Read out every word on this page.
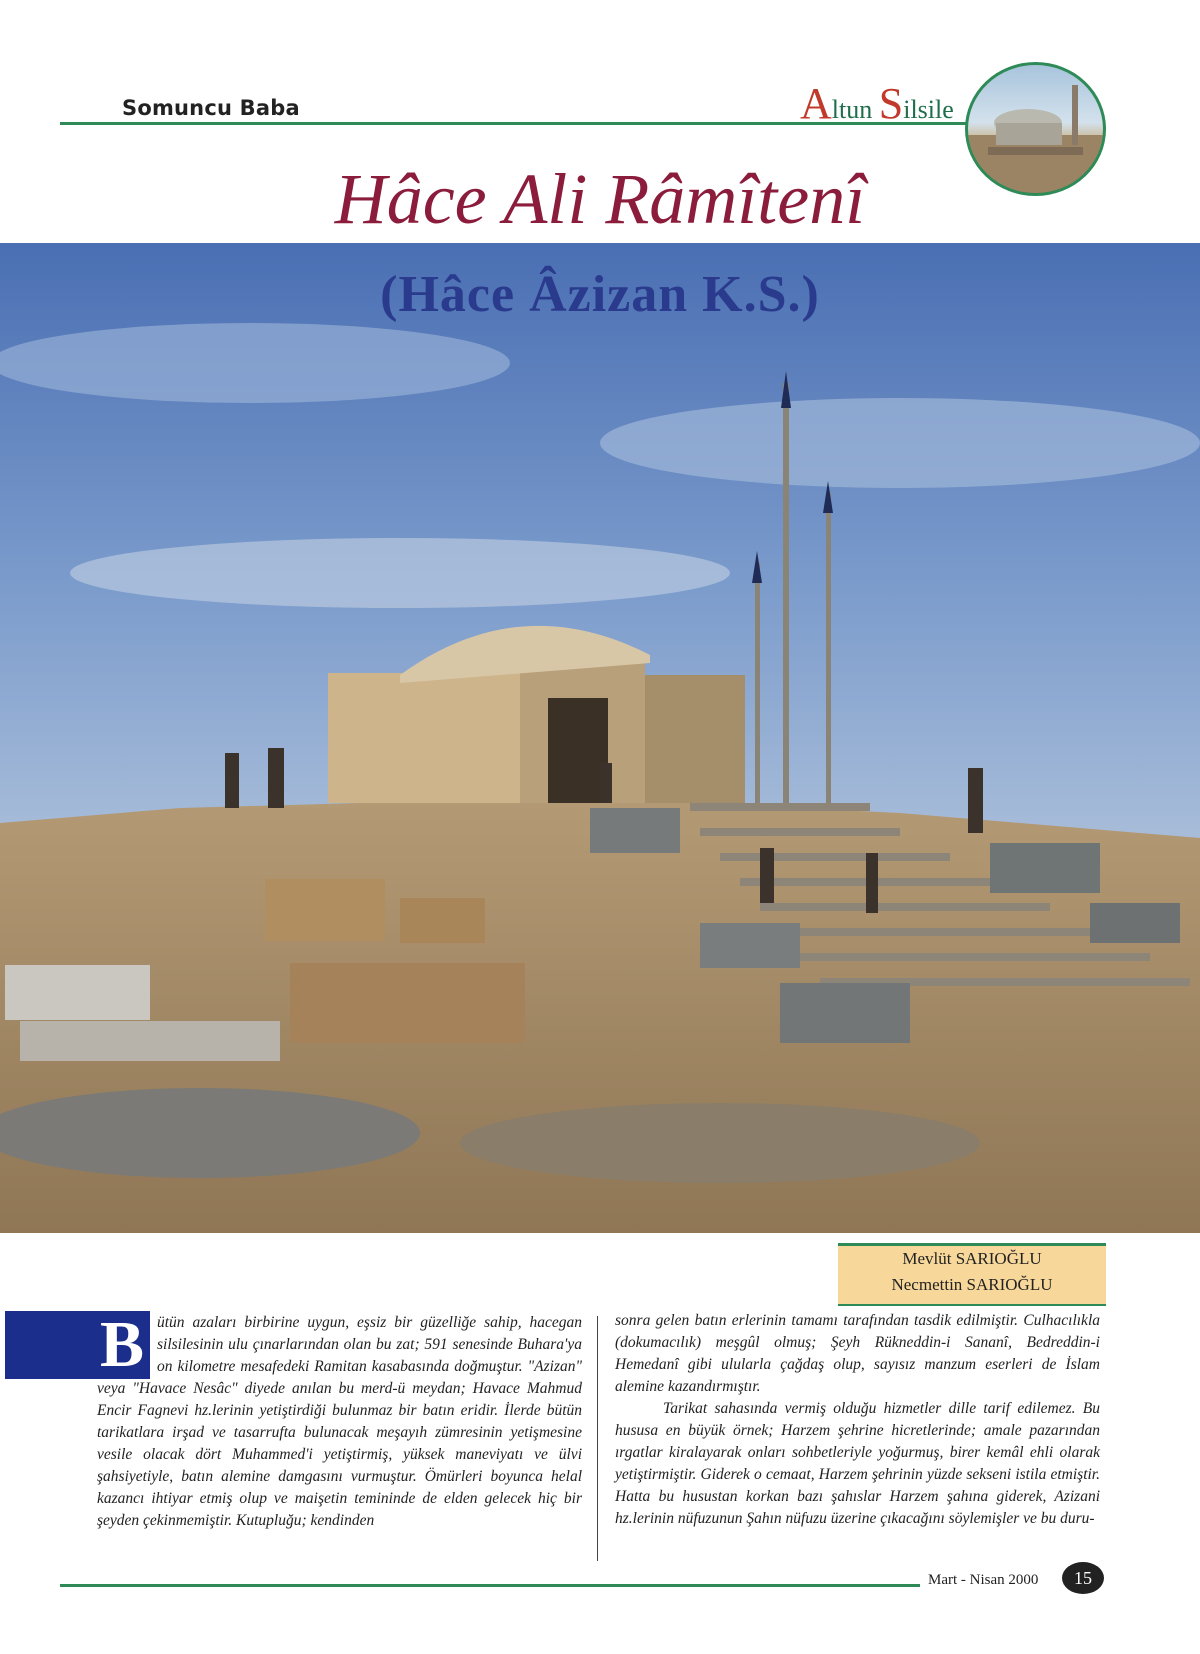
Somuncu Baba	Altun Silsile
Hâce Ali Râmîtenî
(Hâce Âzizan K.S.)
Mevlüt SARIOĞLU
Necmettin SARIOĞLU
B ütün azaları birbirine uygun, eşsiz bir güzelliğe sahip, hacegan silsilesinin ulu çınarlarından olan bu zat; 591 senesinde Buhara'ya on kilometre mesafedeki Ramitan kasabasında doğmuştur. "Azizan" veya "Havace Nesâc" diyede anılan bu merd-ü meydan; Havace Mahmud Encir Fagnevi hz.lerinin yetiştirdiği bulunmaz bir batın eridir. İlerde bütün tarikatlara irşad ve tasarrufta bulunacak meşayıh zümresinin yetişmesine vesile olacak dört Muhammed'i yetiştirmiş, yüksek maneviyatı ve ülvi şahsiyetiyle, batın alemine damgasını vurmuştur. Ömürleri boyunca helal kazancı ihtiyar etmiş olup ve maişetin temininde de elden gelecek hiç bir şeyden çekinmemiştir. Kutupluğu; kendinden

sonra gelen batın erlerinin tamamı tarafından tasdik edilmiştir. Culhacılıkla (dokumacılık) meşgûl olmuş; Şeyh Rükneddin-i Sananî, Bedreddin-i Hemedanî gibi ulularla çağdaş olup, sayısız manzum eserleri de İslam alemine kazandırmıştır.

Tarikat sahasında vermiş olduğu hizmetler dille tarif edilemez. Bu hususa en büyük örnek; Harzem şehrine hicretlerinde; amale pazarından ırgatlar kiralayarak onları sohbetleriyle yoğurmuş, birer kemâl ehli olarak yetiştirmiştir. Giderek o cemaat, Harzem şehrinin yüzde sekseni istila etmiştir. Hatta bu husustan korkan bazı şahıslar Harzem şahına giderek, Azizani hz.lerinin nüfuzunun Şahın nüfuzu üzerine çıkacağını söylemişler ve bu duru-

Mart - Nisan 2000	15
